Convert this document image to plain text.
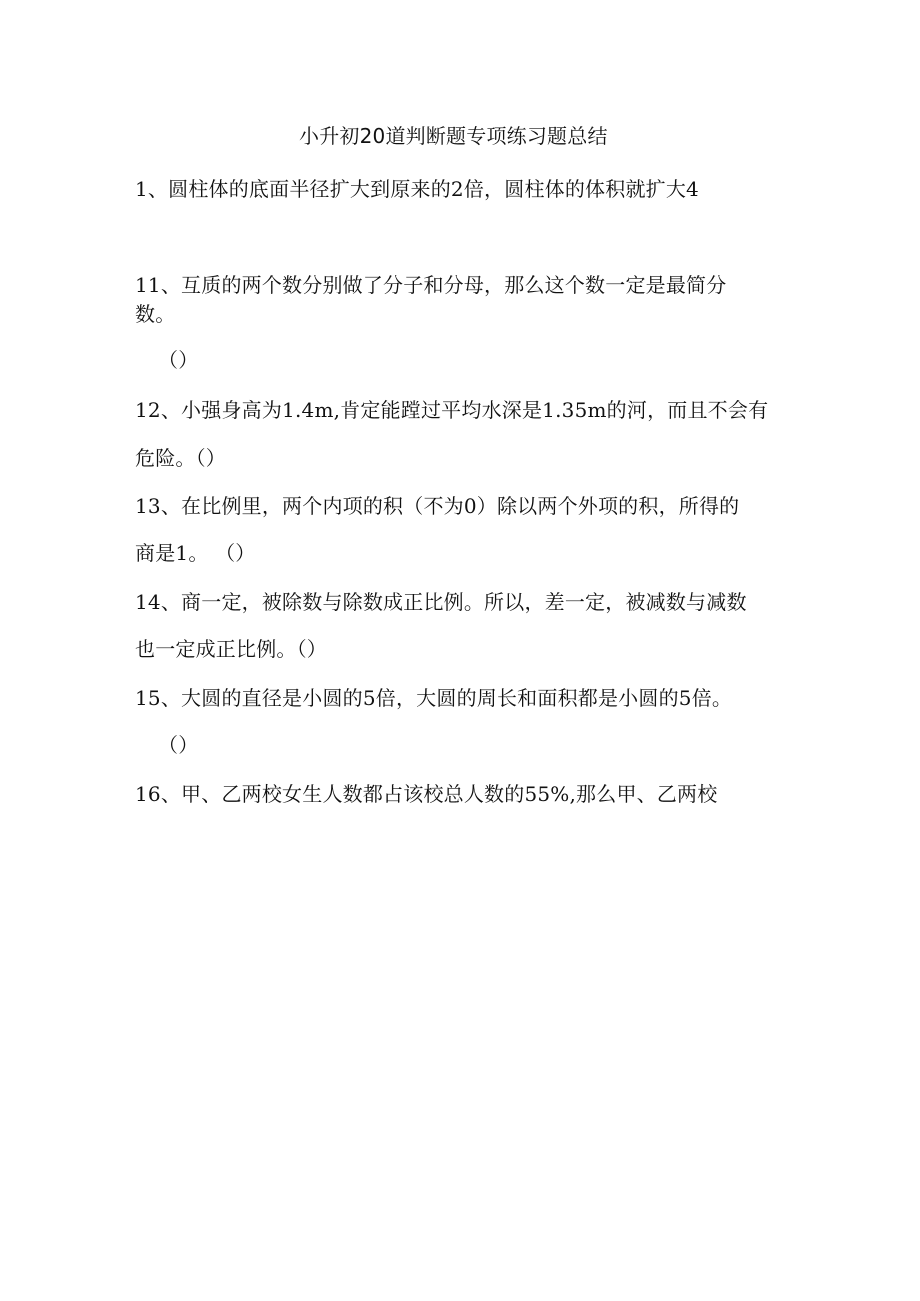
小升初20道判断题专项练习题总结
1、圆柱体的底面半径扩大到原来的2倍，圆柱体的体积就扩大4
11、互质的两个数分别做了分子和分母，那么这个数一定是最简分
数。
（）
12、小强身高为1.4m,肯定能蹚过平均水深是1.35m的河，而且不会有
危险。（）
13、在比例里，两个内项的积（不为0）除以两个外项的积，所得的
商是1。 （）
14、商一定，被除数与除数成正比例。所以，差一定，被减数与减数
也一定成正比例。（）
15、大圆的直径是小圆的5倍，大圆的周长和面积都是小圆的5倍。
（）
16、甲、乙两校女生人数都占该校总人数的55%,那么甲、乙两校
